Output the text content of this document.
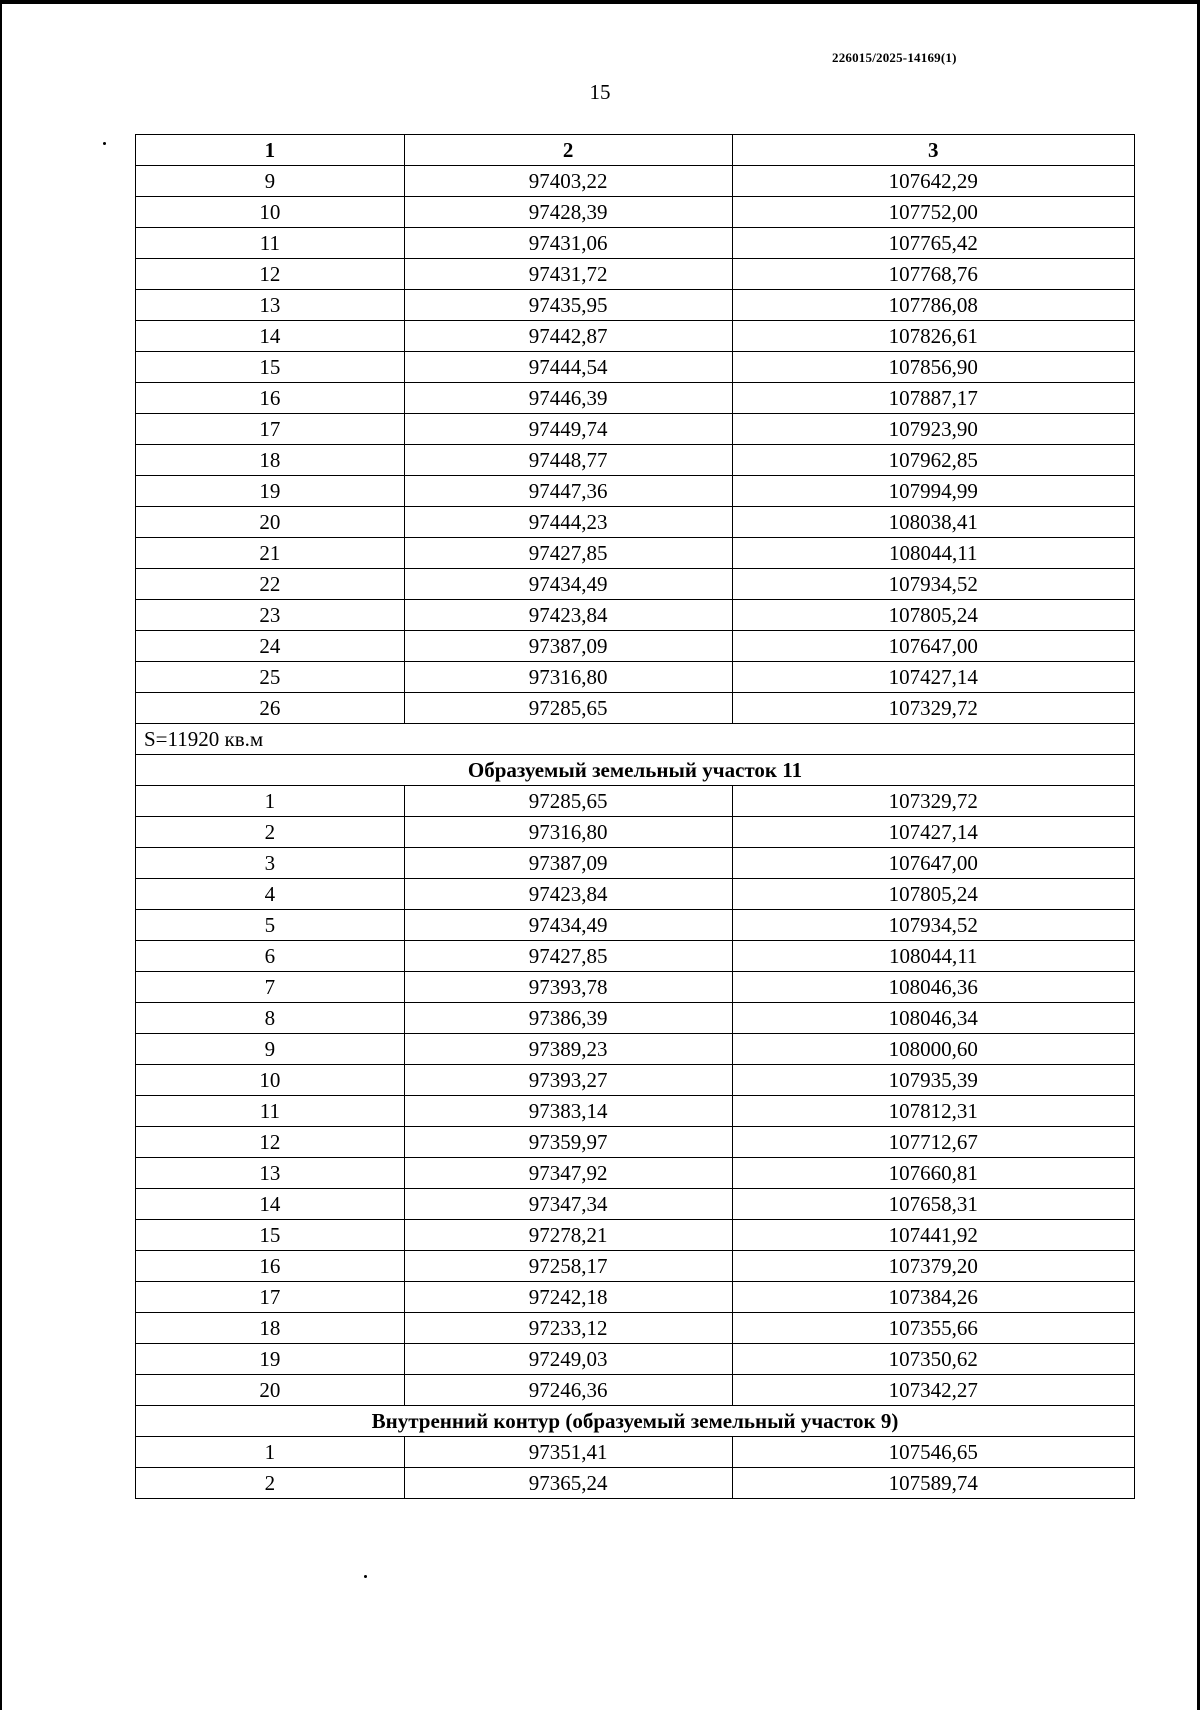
226015/2025-14169(1)
15
1	2	3
9	97403,22	107642,29
10	97428,39	107752,00
11	97431,06	107765,42
12	97431,72	107768,76
13	97435,95	107786,08
14	97442,87	107826,61
15	97444,54	107856,90
16	97446,39	107887,17
17	97449,74	107923,90
18	97448,77	107962,85
19	97447,36	107994,99
20	97444,23	108038,41
21	97427,85	108044,11
22	97434,49	107934,52
23	97423,84	107805,24
24	97387,09	107647,00
25	97316,80	107427,14
26	97285,65	107329,72
S=11920 кв.м		
Образуемый земельный участок 11		
1	97285,65	107329,72
2	97316,80	107427,14
3	97387,09	107647,00
4	97423,84	107805,24
5	97434,49	107934,52
6	97427,85	108044,11
7	97393,78	108046,36
8	97386,39	108046,34
9	97389,23	108000,60
10	97393,27	107935,39
11	97383,14	107812,31
12	97359,97	107712,67
13	97347,92	107660,81
14	97347,34	107658,31
15	97278,21	107441,92
16	97258,17	107379,20
17	97242,18	107384,26
18	97233,12	107355,66
19	97249,03	107350,62
20	97246,36	107342,27
Внутренний контур (образуемый земельный участок 9)		
1	97351,41	107546,65
2	97365,24	107589,74
